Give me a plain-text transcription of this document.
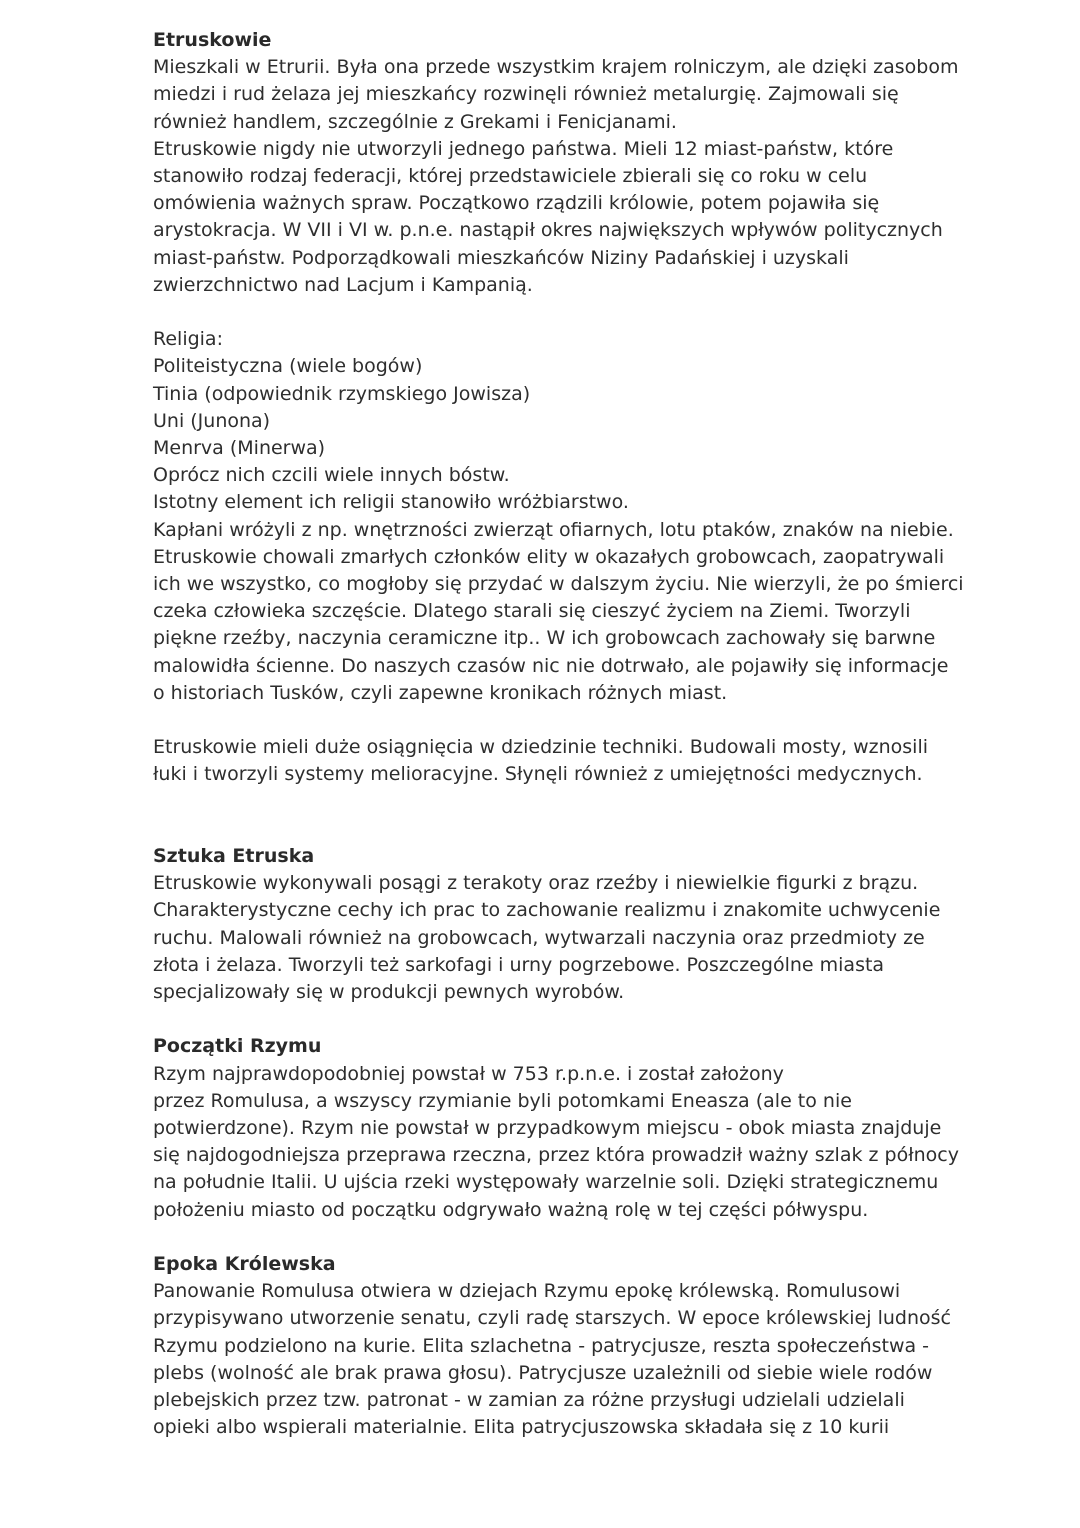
Etruskowie
Mieszkali w Etrurii. Była ona przede wszystkim krajem rolniczym, ale dzięki zasobom
miedzi i rud żelaza jej mieszkańcy rozwinęli również metalurgię. Zajmowali się
również handlem, szczególnie z Grekami i Fenicjanami.
Etruskowie nigdy nie utworzyli jednego państwa. Mieli 12 miast-państw, które
stanowiło rodzaj federacji, której przedstawiciele zbierali się co roku w celu
omówienia ważnych spraw. Początkowo rządzili królowie, potem pojawiła się
arystokracja. W VII i VI w. p.n.e. nastąpił okres największych wpływów politycznych
miast-państw. Podporządkowali mieszkańców Niziny Padańskiej i uzyskali
zwierzchnictwo nad Lacjum i Kampanią.
Religia:
Politeistyczna (wiele bogów)
Tinia (odpowiednik rzymskiego Jowisza)
Uni (Junona)
Menrva (Minerwa)
Oprócz nich czcili wiele innych bóstw.
Istotny element ich religii stanowiło wróżbiarstwo.
Kapłani wróżyli z np. wnętrzności zwierząt ofiarnych, lotu ptaków, znaków na niebie.
Etruskowie chowali zmarłych członków elity w okazałych grobowcach, zaopatrywali
ich we wszystko, co mogłoby się przydać w dalszym życiu. Nie wierzyli, że po śmierci
czeka człowieka szczęście. Dlatego starali się cieszyć życiem na Ziemi. Tworzyli
piękne rzeźby, naczynia ceramiczne itp.. W ich grobowcach zachowały się barwne
malowidła ścienne. Do naszych czasów nic nie dotrwało, ale pojawiły się informacje
o historiach Tusków, czyli zapewne kronikach różnych miast.
Etruskowie mieli duże osiągnięcia w dziedzinie techniki. Budowali mosty, wznosili
łuki i tworzyli systemy melioracyjne. Słynęli również z umiejętności medycznych.
Sztuka Etruska
Etruskowie wykonywali posągi z terakoty oraz rzeźby i niewielkie figurki z brązu.
Charakterystyczne cechy ich prac to zachowanie realizmu i znakomite uchwycenie
ruchu. Malowali również na grobowcach, wytwarzali naczynia oraz przedmioty ze
złota i żelaza. Tworzyli też sarkofagi i urny pogrzebowe. Poszczególne miasta
specjalizowały się w produkcji pewnych wyrobów.
Początki Rzymu
Rzym najprawdopodobniej powstał w 753 r.p.n.e. i został założony
przez Romulusa, a wszyscy rzymianie byli potomkami Eneasza (ale to nie
potwierdzone). Rzym nie powstał w przypadkowym miejscu - obok miasta znajduje
się najdogodniejsza przeprawa rzeczna, przez która prowadził ważny szlak z północy
na południe Italii. U ujścia rzeki występowały warzelnie soli. Dzięki strategicznemu
położeniu miasto od początku odgrywało ważną rolę w tej części półwyspu.
Epoka Królewska
Panowanie Romulusa otwiera w dziejach Rzymu epokę królewską. Romulusowi
przypisywano utworzenie senatu, czyli radę starszych. W epoce królewskiej ludność
Rzymu podzielono na kurie. Elita szlachetna - patrycjusze, reszta społeczeństwa -
plebs (wolność ale brak prawa głosu). Patrycjusze uzależnili od siebie wiele rodów
plebejskich przez tzw. patronat - w zamian za różne przysługi udzielali udzielali
opieki albo wspierali materialnie. Elita patrycjuszowska składała się z 10 kurii
